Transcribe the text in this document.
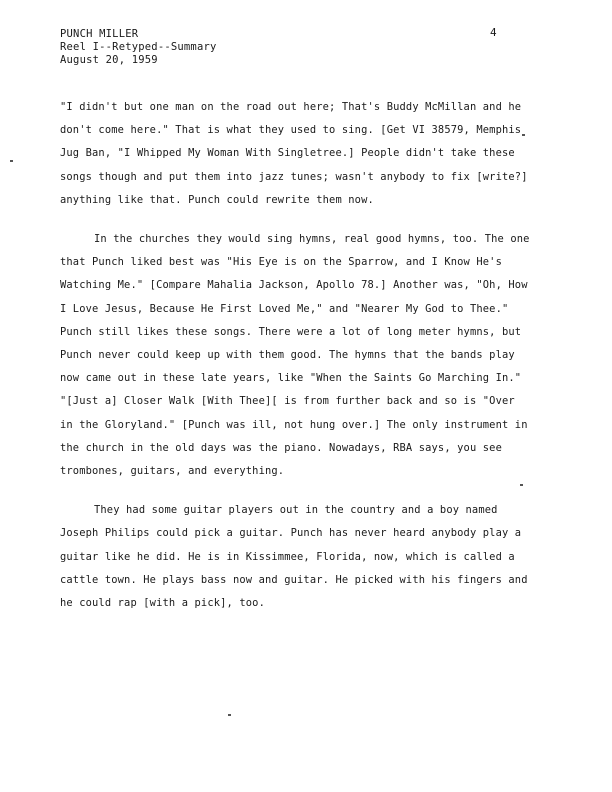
PUNCH MILLER
Reel I--Retyped--Summary
August 20, 1959
4

"I didn't but one man on the road out here; That's Buddy McMillan and he don't come here." That is what they used to sing. [Get VI 38579, Memphis Jug Ban, "I Whipped My Woman With Singletree.] People didn't take these songs though and put them into jazz tunes; wasn't anybody to fix [write?] anything like that. Punch could rewrite them now.

In the churches they would sing hymns, real good hymns, too. The one that Punch liked best was "His Eye is on the Sparrow, and I Know He's Watching Me." [Compare Mahalia Jackson, Apollo 78.] Another was, "Oh, How I Love Jesus, Because He First Loved Me," and "Nearer My God to Thee." Punch still likes these songs. There were a lot of long meter hymns, but Punch never could keep up with them good. The hymns that the bands play now came out in these late years, like "When the Saints Go Marching In." "[Just a] Closer Walk [With Thee][ is from further back and so is "Over in the Gloryland." [Punch was ill, not hung over.] The only instrument in the church in the old days was the piano. Nowadays, RBA says, you see trombones, guitars, and everything.

They had some guitar players out in the country and a boy named Joseph Philips could pick a guitar. Punch has never heard anybody play a guitar like he did. He is in Kissimmee, Florida, now, which is called a cattle town. He plays bass now and guitar. He picked with his fingers and he could rap [with a pick], too.
